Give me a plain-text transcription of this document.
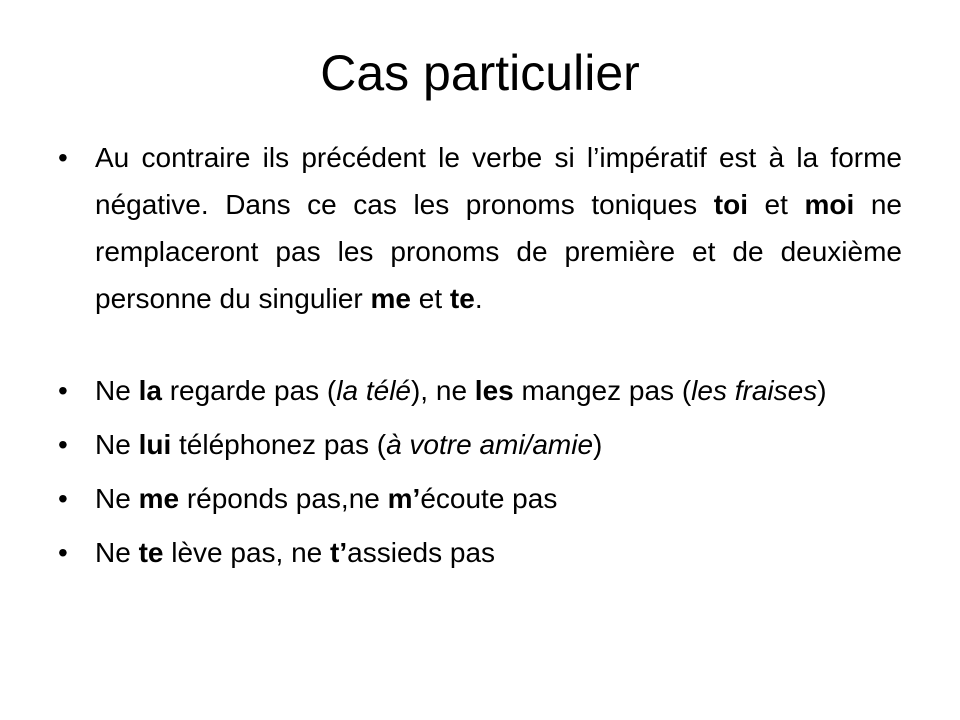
Cas particulier

• Au contraire ils précédent le verbe si l’impératif est à la forme négative. Dans ce cas les pronoms toniques toi et moi ne remplaceront pas les pronoms de première et de deuxième personne du singulier me et te.

• Ne la regarde pas (la télé), ne les mangez pas (les fraises)

• Ne lui téléphonez pas (à votre ami/amie)

• Ne me réponds pas,ne m’écoute pas

• Ne te lève pas, ne t’assieds pas
